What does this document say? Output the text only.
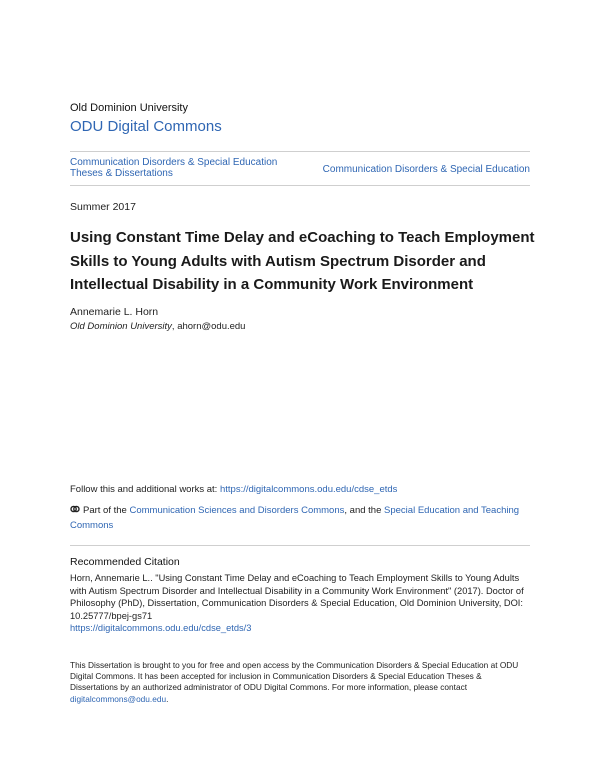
Old Dominion University
ODU Digital Commons
Communication Disorders & Special Education Theses & Dissertations	Communication Disorders & Special Education
Summer 2017
Using Constant Time Delay and eCoaching to Teach Employment Skills to Young Adults with Autism Spectrum Disorder and Intellectual Disability in a Community Work Environment
Annemarie L. Horn
Old Dominion University, ahorn@odu.edu
Follow this and additional works at: https://digitalcommons.odu.edu/cdse_etds
Part of the Communication Sciences and Disorders Commons, and the Special Education and Teaching Commons
Recommended Citation
Horn, Annemarie L.. "Using Constant Time Delay and eCoaching to Teach Employment Skills to Young Adults with Autism Spectrum Disorder and Intellectual Disability in a Community Work Environment" (2017). Doctor of Philosophy (PhD), Dissertation, Communication Disorders & Special Education, Old Dominion University, DOI: 10.25777/bpej-gs71
https://digitalcommons.odu.edu/cdse_etds/3
This Dissertation is brought to you for free and open access by the Communication Disorders & Special Education at ODU Digital Commons. It has been accepted for inclusion in Communication Disorders & Special Education Theses & Dissertations by an authorized administrator of ODU Digital Commons. For more information, please contact digitalcommons@odu.edu.
